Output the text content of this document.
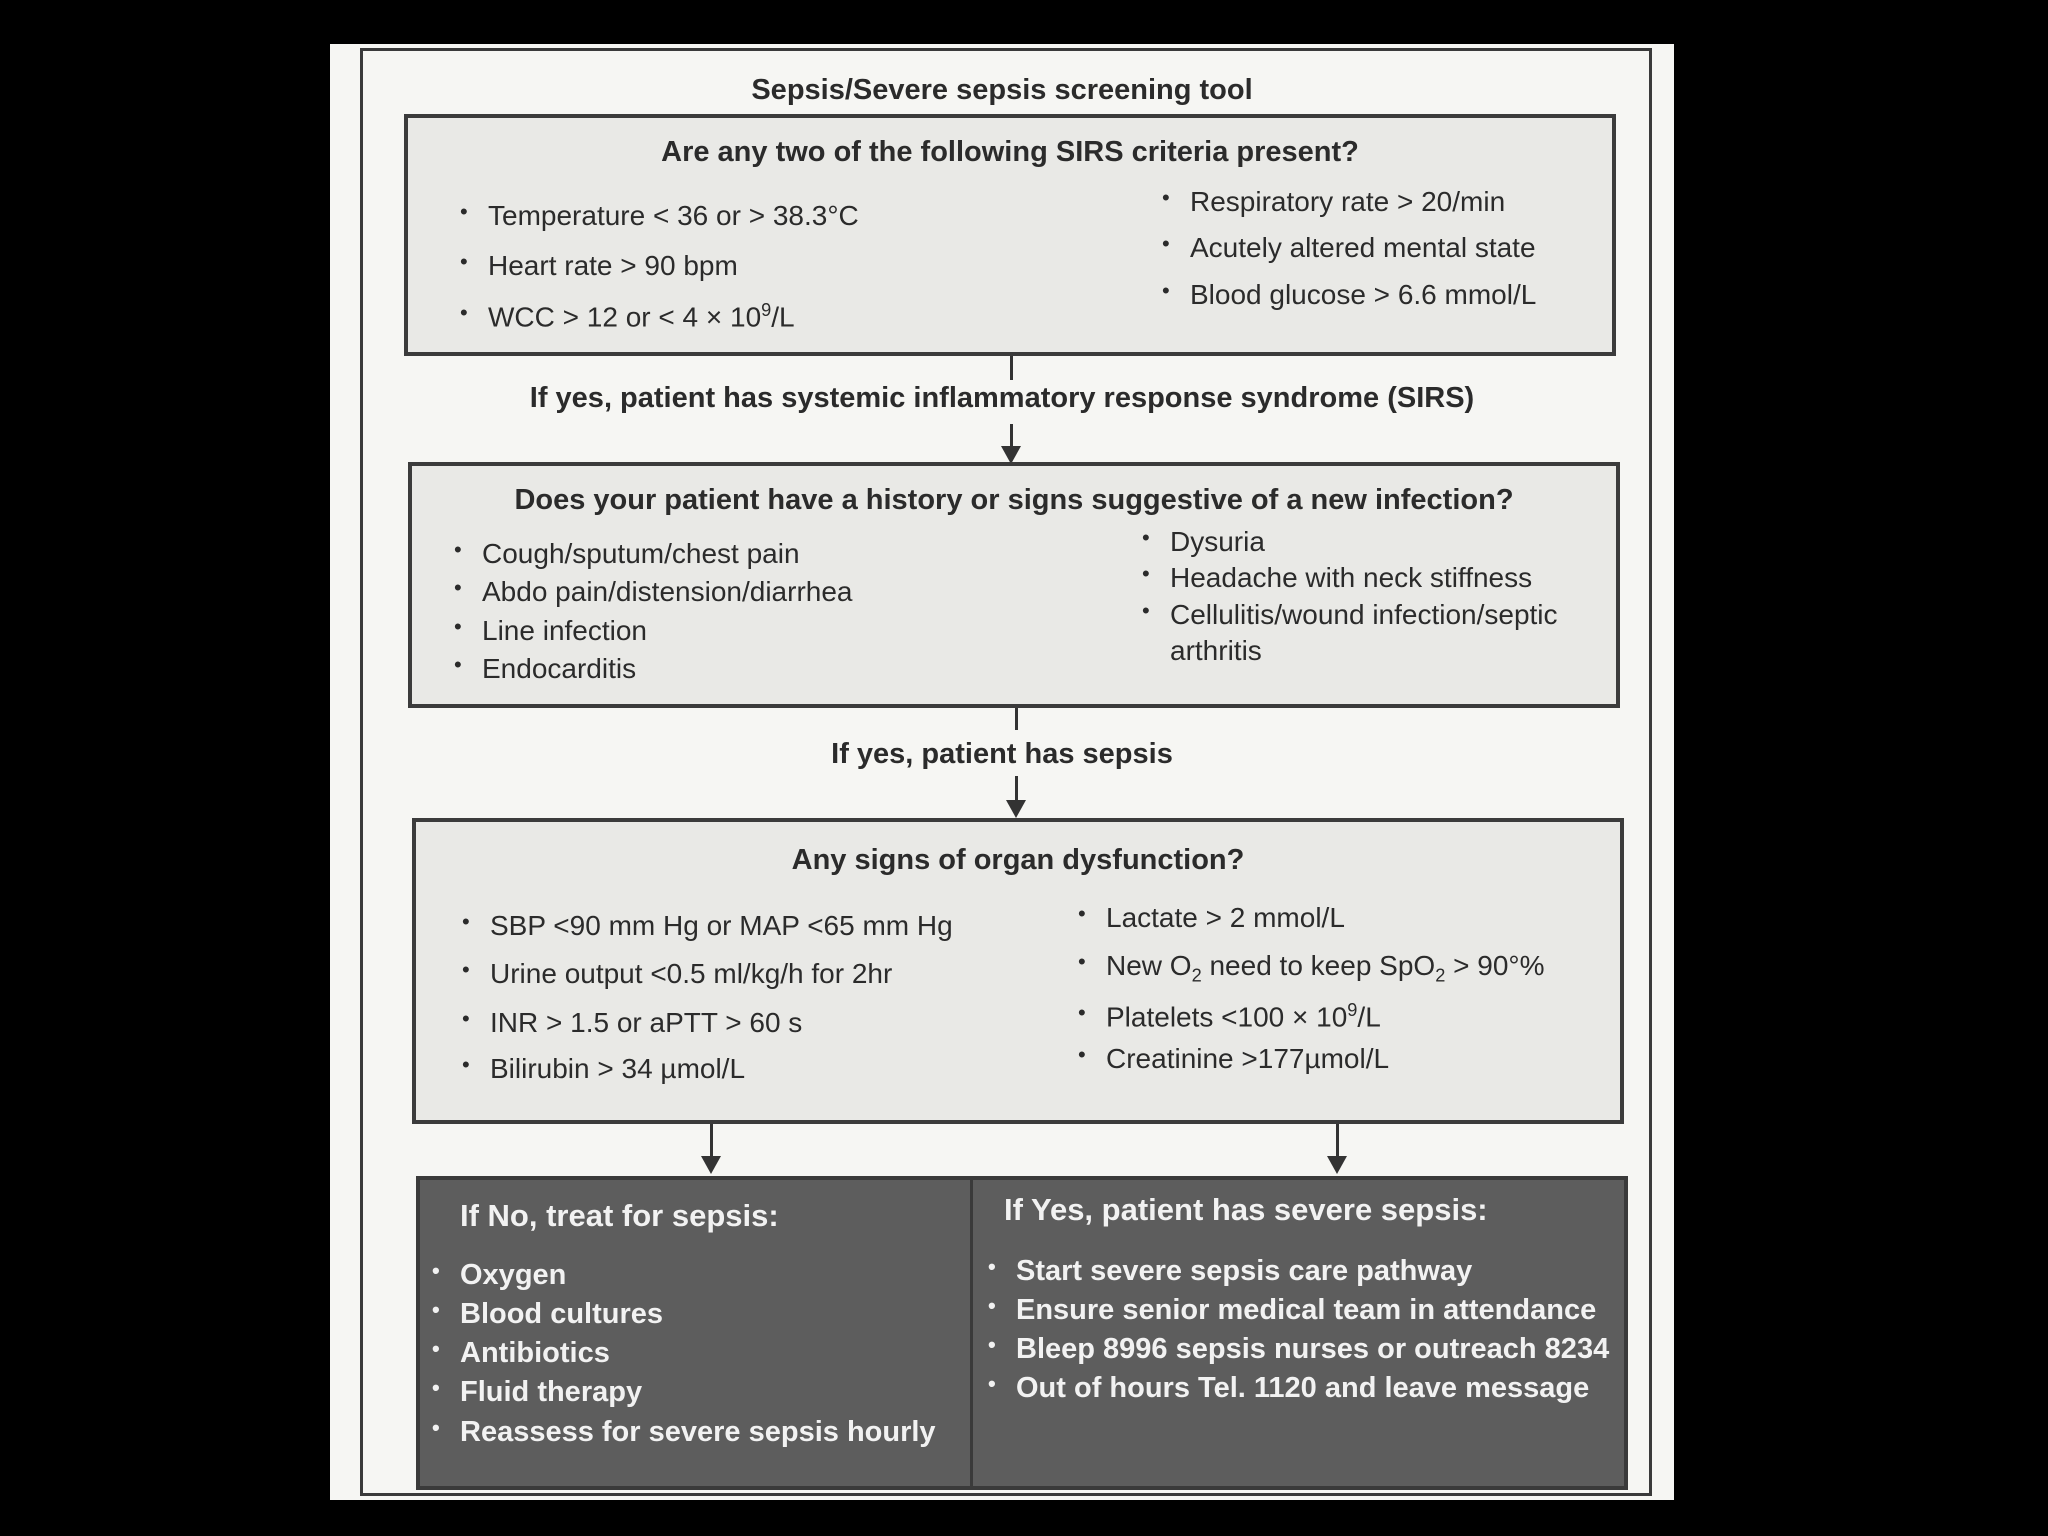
Sepsis/Severe sepsis screening tool
Are any two of the following SIRS criteria present?
• Temperature < 36 or > 38.3°C
• Heart rate > 90 bpm
• WCC > 12 or < $4 \times 10^9/L$
• Respiratory rate > 20/min
• Acutely altered mental state
• Blood glucose > 6.6 mmol/L
If yes, patient has systemic inflammatory response syndrome (SIRS)
Does your patient have a history or signs suggestive of a new infection?
• Cough/sputum/chest pain
• Abdo pain/distension/diarrhea
• Line infection
• Endocarditis
• Dysuria
• Headache with neck stiffness
• Cellulitis/wound infection/septic arthritis
If yes, patient has sepsis
Any signs of organ dysfunction?
• SBP <90 mm Hg or MAP <65 mm Hg
• Urine output <0.5 ml/kg/h for 2hr
• INR > 1.5 or aPTT > 60 s
• Bilirubin > 34 µmol/L
• Lactate > 2 mmol/L
• New $O_2$ need to keep SpO$_2$ > 90°%
• Platelets $<100 \times 10^9/L$
• Creatinine >177µmol/L
If No, treat for sepsis:
• Oxygen
• Blood cultures
• Antibiotics
• Fluid therapy
• Reassess for severe sepsis hourly
If Yes, patient has severe sepsis:
• Start severe sepsis care pathway
• Ensure senior medical team in attendance
• Bleep 8996 sepsis nurses or outreach 8234
• Out of hours Tel. 1120 and leave message
